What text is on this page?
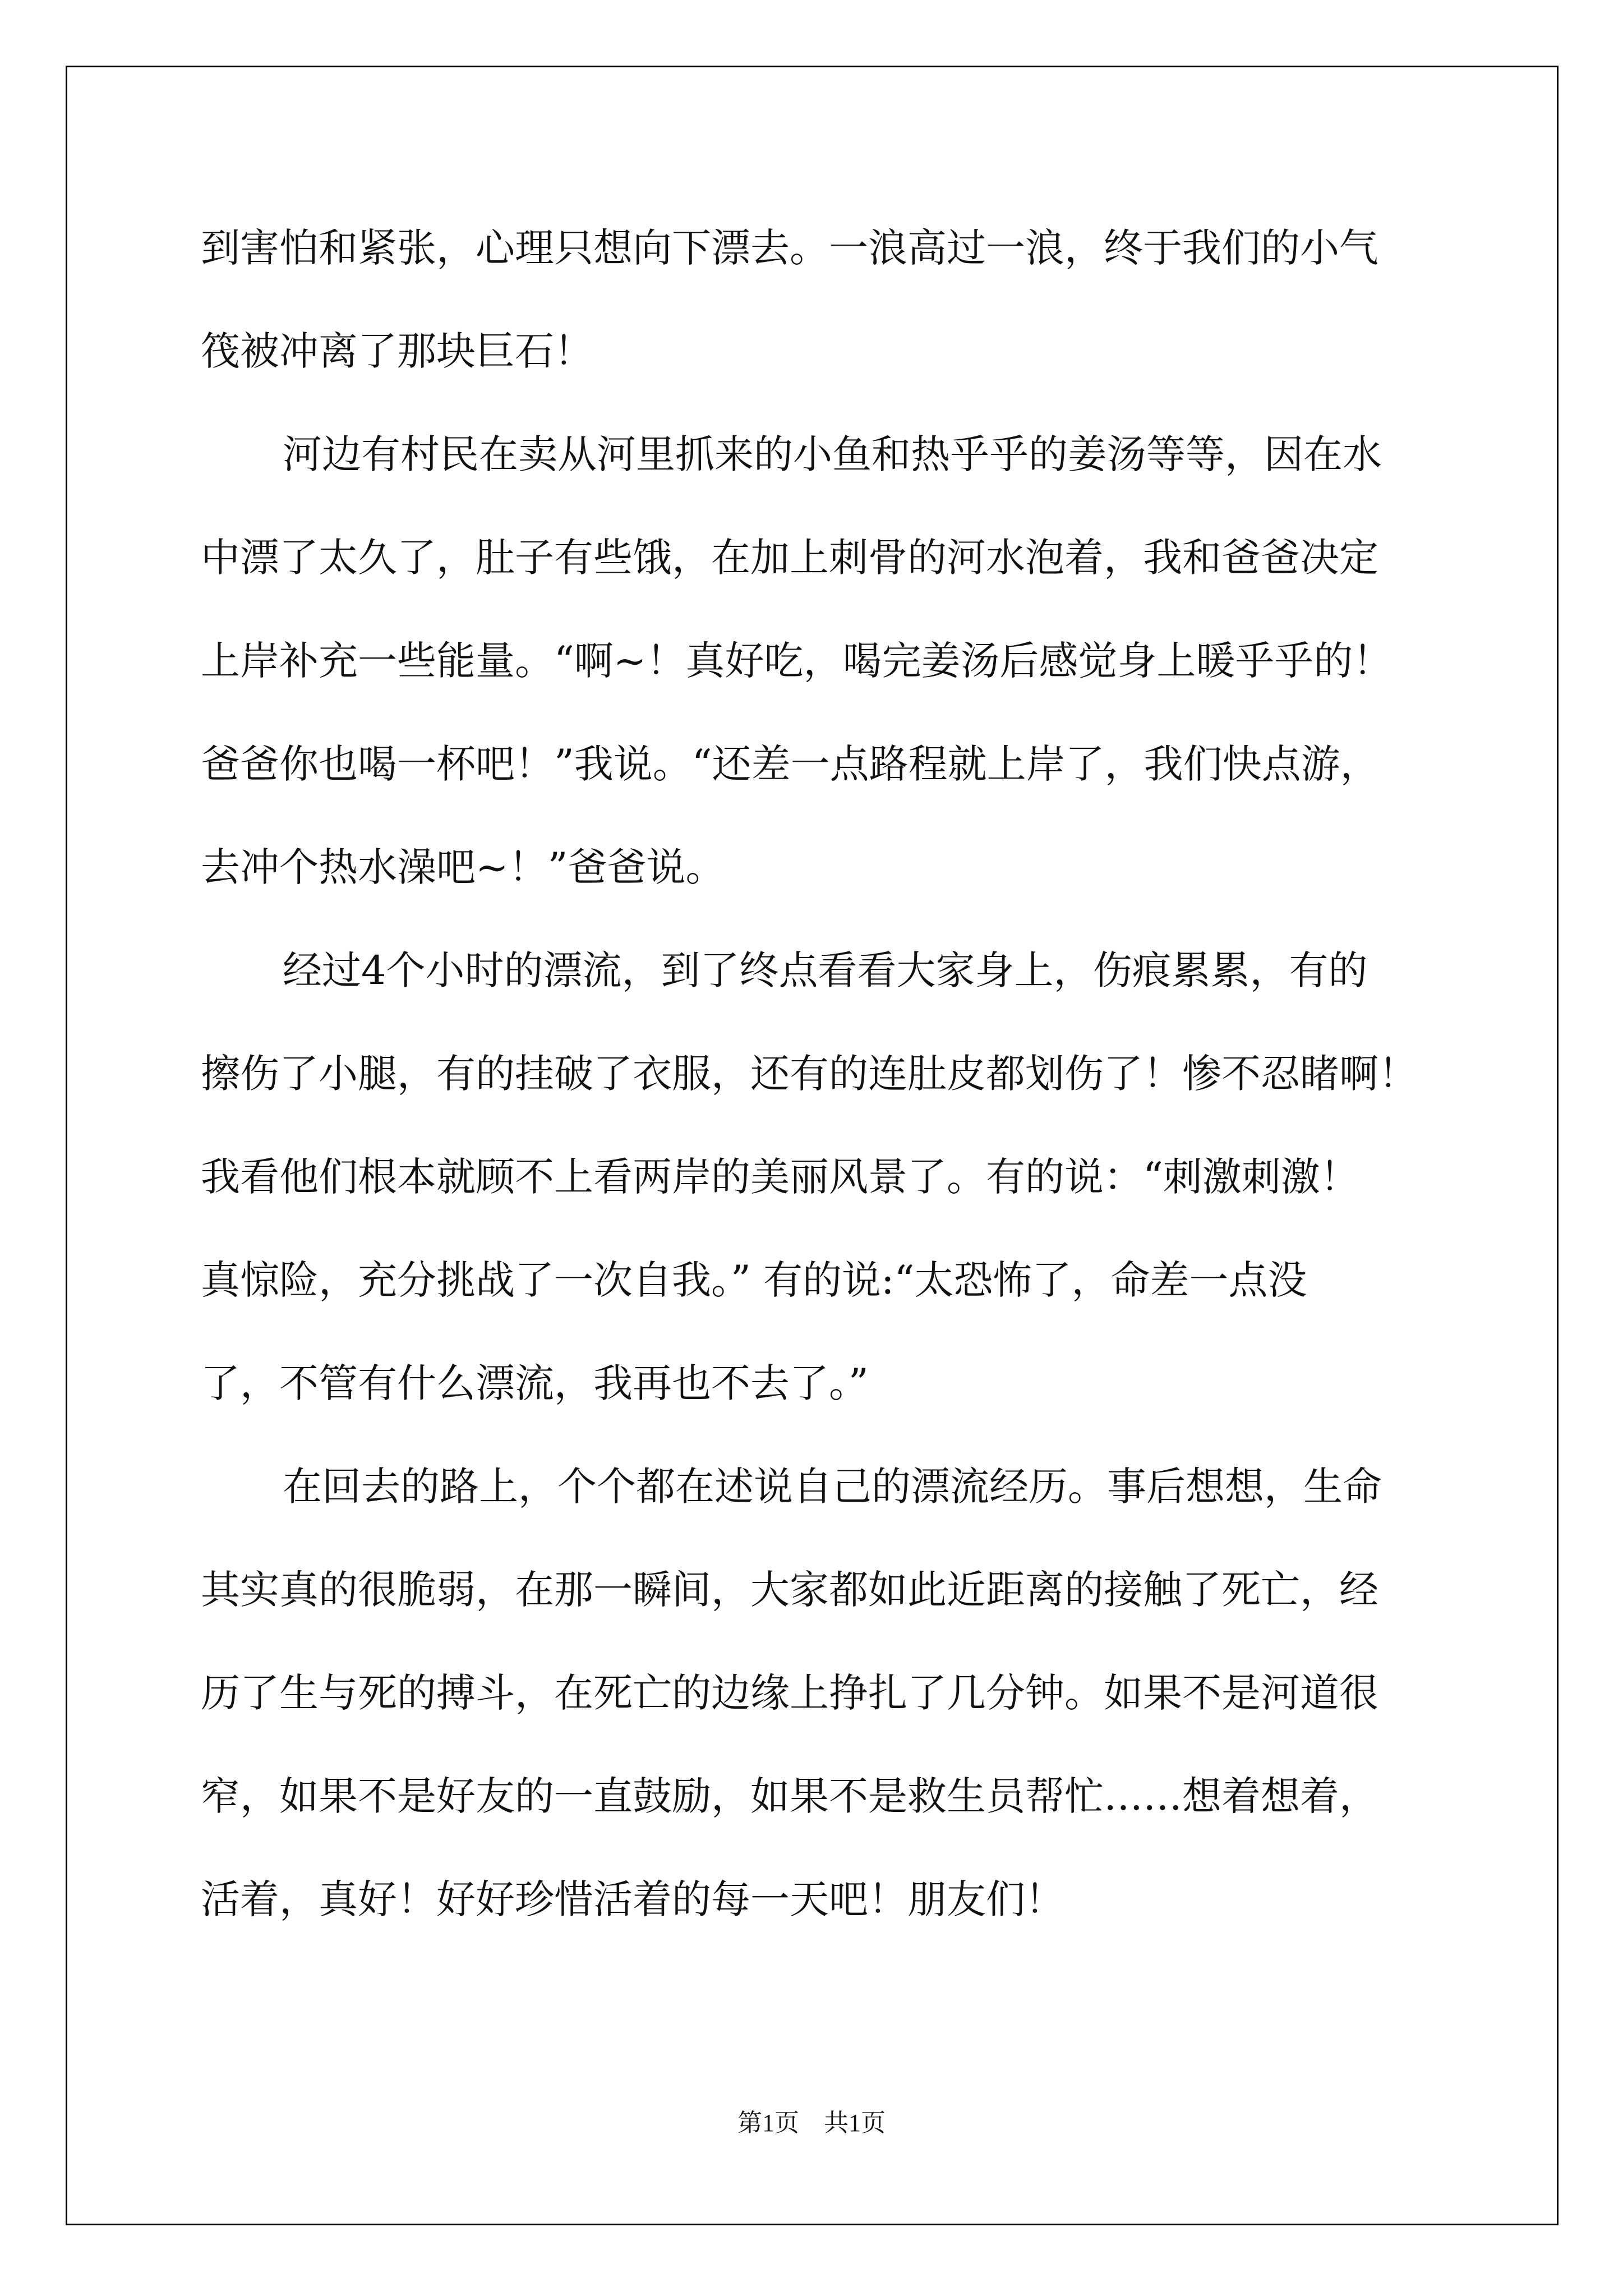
到害怕和紧张，心理只想向下漂去。一浪高过一浪，终于我们的小气
筏被冲离了那块巨石！
河边有村民在卖从河里抓来的小鱼和热乎乎的姜汤等等，因在水
中漂了太久了，肚子有些饿，在加上刺骨的河水泡着，我和爸爸决定
上岸补充一些能量。“啊~！真好吃，喝完姜汤后感觉身上暖乎乎的！
爸爸你也喝一杯吧！”我说。“还差一点路程就上岸了，我们快点游，
去冲个热水澡吧~！”爸爸说。
经过4个小时的漂流，到了终点看看大家身上，伤痕累累，有的
擦伤了小腿，有的挂破了衣服，还有的连肚皮都划伤了！惨不忍睹啊！
我看他们根本就顾不上看两岸的美丽风景了。有的说：“刺激刺激！
真惊险，充分挑战了一次自我。” 有的说:“太恐怖了，命差一点没
了，不管有什么漂流，我再也不去了。”
在回去的路上，个个都在述说自己的漂流经历。事后想想，生命
其实真的很脆弱，在那一瞬间，大家都如此近距离的接触了死亡，经
历了生与死的搏斗，在死亡的边缘上挣扎了几分钟。如果不是河道很
窄，如果不是好友的一直鼓励，如果不是救生员帮忙……想着想着，
活着，真好！好好珍惜活着的每一天吧！朋友们！
第1页 共1页
